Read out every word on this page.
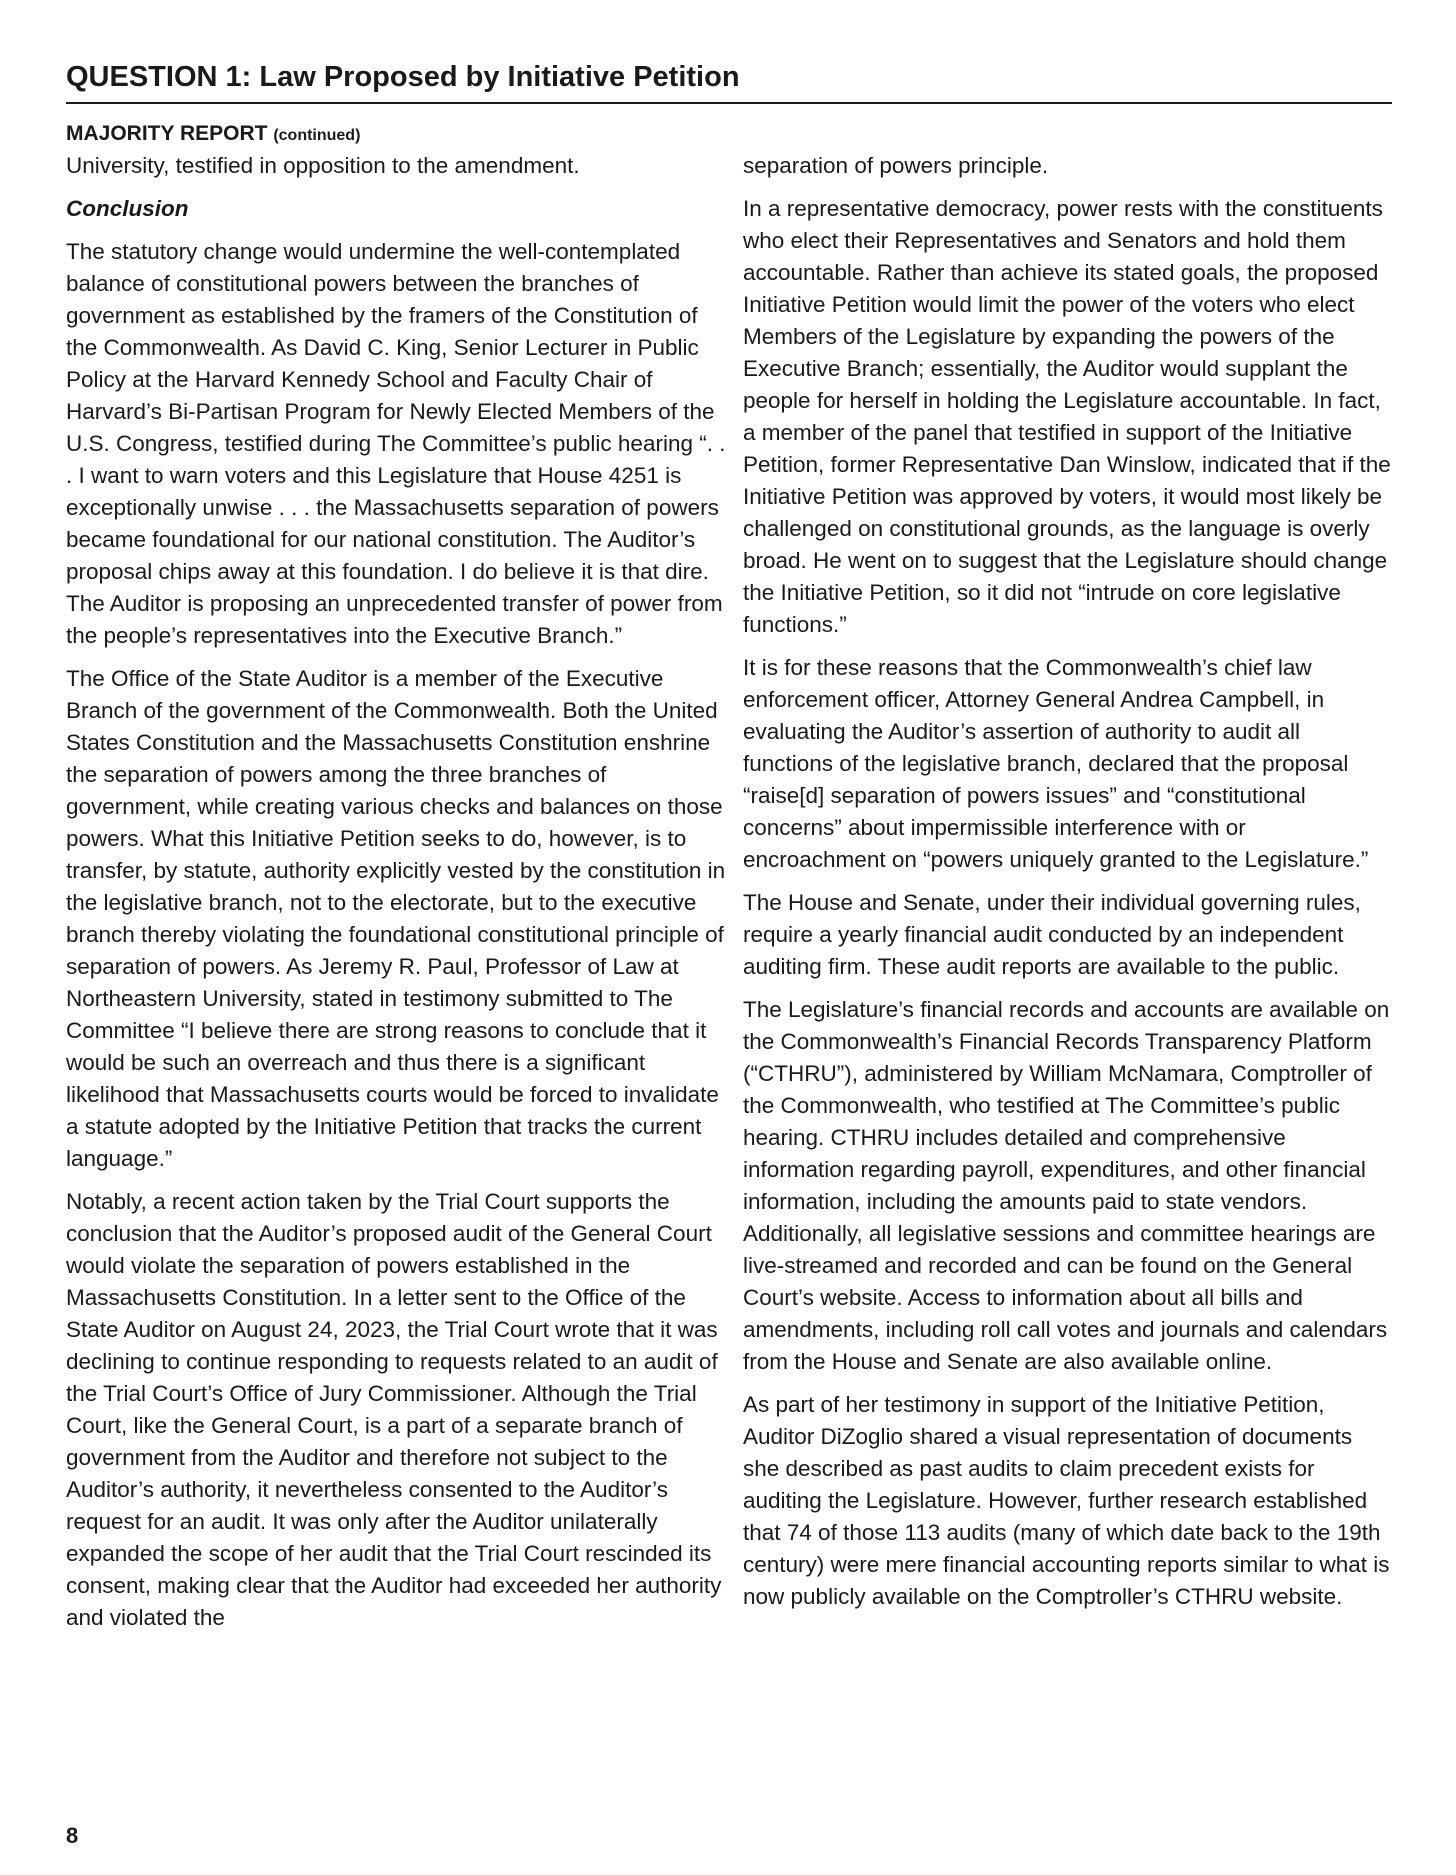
QUESTION 1: Law Proposed by Initiative Petition
MAJORITY REPORT (continued)

University, testified in opposition to the amendment.

Conclusion

The statutory change would undermine the well-contemplated balance of constitutional powers between the branches of government as established by the framers of the Constitution of the Commonwealth. As David C. King, Senior Lecturer in Public Policy at the Harvard Kennedy School and Faculty Chair of Harvard’s Bi-Partisan Program for Newly Elected Members of the U.S. Congress, testified during The Committee’s public hearing “. . . I want to warn voters and this Legislature that House 4251 is exceptionally unwise . . . the Massachusetts separation of powers became foundational for our national constitution. The Auditor’s proposal chips away at this foundation. I do believe it is that dire. The Auditor is proposing an unprecedented transfer of power from the people’s representatives into the Executive Branch.”

The Office of the State Auditor is a member of the Executive Branch of the government of the Commonwealth. Both the United States Constitution and the Massachusetts Constitution enshrine the separation of powers among the three branches of government, while creating various checks and balances on those powers. What this Initiative Petition seeks to do, however, is to transfer, by statute, authority explicitly vested by the constitution in the legislative branch, not to the electorate, but to the executive branch thereby violating the foundational constitutional principle of separation of powers. As Jeremy R. Paul, Professor of Law at Northeastern University, stated in testimony submitted to The Committee “I believe there are strong reasons to conclude that it would be such an overreach and thus there is a significant likelihood that Massachusetts courts would be forced to invalidate a statute adopted by the Initiative Petition that tracks the current language.”

Notably, a recent action taken by the Trial Court supports the conclusion that the Auditor’s proposed audit of the General Court would violate the separation of powers established in the Massachusetts Constitution. In a letter sent to the Office of the State Auditor on August 24, 2023, the Trial Court wrote that it was declining to continue responding to requests related to an audit of the Trial Court’s Office of Jury Commissioner. Although the Trial Court, like the General Court, is a part of a separate branch of government from the Auditor and therefore not subject to the Auditor’s authority, it nevertheless consented to the Auditor’s request for an audit. It was only after the Auditor unilaterally expanded the scope of her audit that the Trial Court rescinded its consent, making clear that the Auditor had exceeded her authority and violated the

separation of powers principle.

In a representative democracy, power rests with the constituents who elect their Representatives and Senators and hold them accountable. Rather than achieve its stated goals, the proposed Initiative Petition would limit the power of the voters who elect Members of the Legislature by expanding the powers of the Executive Branch; essentially, the Auditor would supplant the people for herself in holding the Legislature accountable. In fact, a member of the panel that testified in support of the Initiative Petition, former Representative Dan Winslow, indicated that if the Initiative Petition was approved by voters, it would most likely be challenged on constitutional grounds, as the language is overly broad. He went on to suggest that the Legislature should change the Initiative Petition, so it did not “intrude on core legislative functions.”

It is for these reasons that the Commonwealth’s chief law enforcement officer, Attorney General Andrea Campbell, in evaluating the Auditor’s assertion of authority to audit all functions of the legislative branch, declared that the proposal “raise[d] separation of powers issues” and “constitutional concerns” about impermissible interference with or encroachment on “powers uniquely granted to the Legislature.”

The House and Senate, under their individual governing rules, require a yearly financial audit conducted by an independent auditing firm. These audit reports are available to the public.

The Legislature’s financial records and accounts are available on the Commonwealth’s Financial Records Transparency Platform (“CTHRU”), administered by William McNamara, Comptroller of the Commonwealth, who testified at The Committee’s public hearing. CTHRU includes detailed and comprehensive information regarding payroll, expenditures, and other financial information, including the amounts paid to state vendors. Additionally, all legislative sessions and committee hearings are live-streamed and recorded and can be found on the General Court’s website. Access to information about all bills and amendments, including roll call votes and journals and calendars from the House and Senate are also available online.

As part of her testimony in support of the Initiative Petition, Auditor DiZoglio shared a visual representation of documents she described as past audits to claim precedent exists for auditing the Legislature. However, further research established that 74 of those 113 audits (many of which date back to the 19th century) were mere financial accounting reports similar to what is now publicly available on the Comptroller’s CTHRU website.

8
